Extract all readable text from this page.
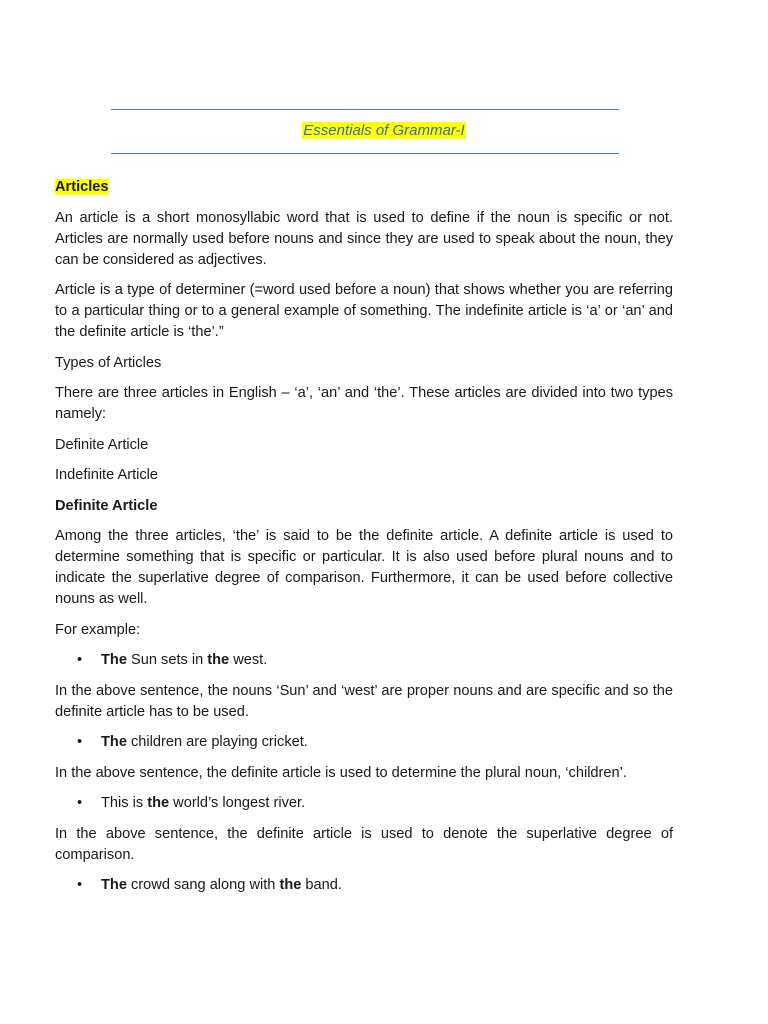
Essentials of Grammar-I

Articles

An article is a short monosyllabic word that is used to define if the noun is specific or not. Articles are normally used before nouns and since they are used to speak about the noun, they can be considered as adjectives.

Article is a type of determiner (=word used before a noun) that shows whether you are referring to a particular thing or to a general example of something. The indefinite article is ‘a’ or ‘an’ and the definite article is ‘the’.”

Types of Articles

There are three articles in English – ‘a’, ‘an’ and ‘the’. These articles are divided into two types namely:

Definite Article

Indefinite Article

Definite Article

Among the three articles, ‘the’ is said to be the definite article. A definite article is used to determine something that is specific or particular. It is also used before plural nouns and to indicate the superlative degree of comparison. Furthermore, it can be used before collective nouns as well.

For example:

• The Sun sets in the west.

In the above sentence, the nouns ‘Sun’ and ‘west’ are proper nouns and are specific and so the definite article has to be used.

• The children are playing cricket.

In the above sentence, the definite article is used to determine the plural noun, ‘children’.

• This is the world’s longest river.

In the above sentence, the definite article is used to denote the superlative degree of comparison.

• The crowd sang along with the band.
